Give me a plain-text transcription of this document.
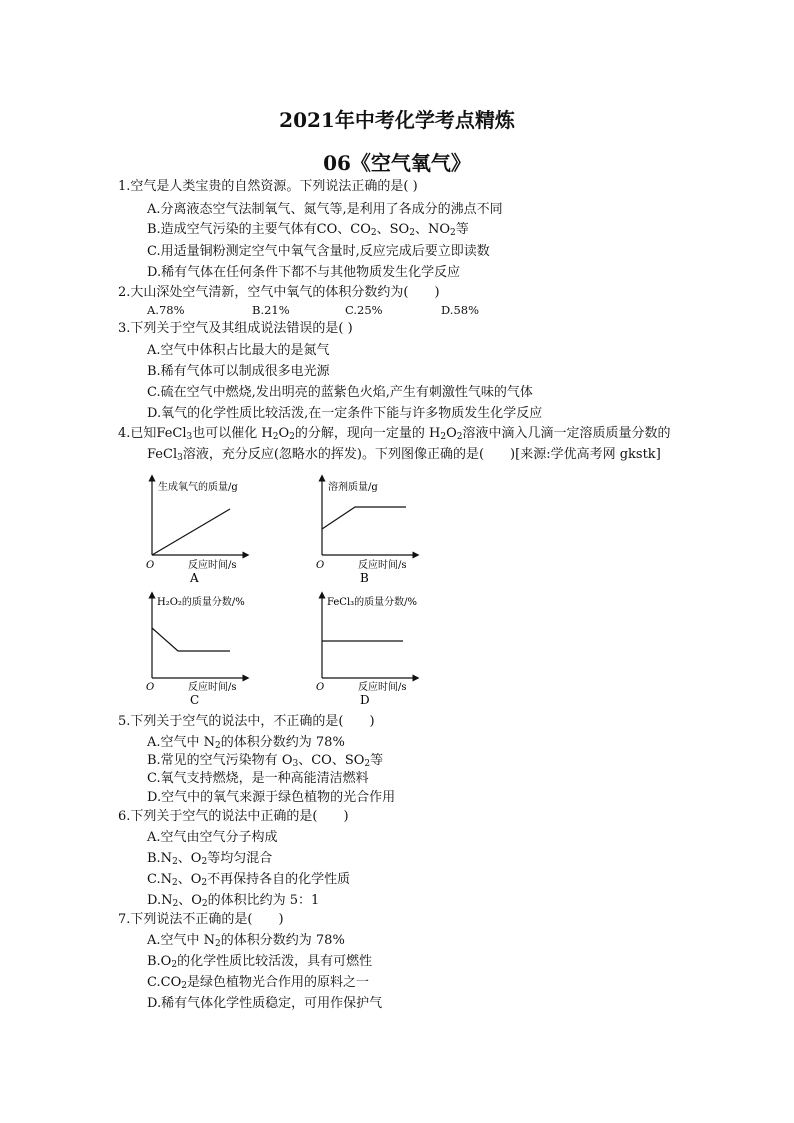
2021年中考化学考点精炼
06《空气氧气》
1.空气是人类宝贵的自然资源。下列说法正确的是( )
A.分离液态空气法制氧气、氮气等,是利用了各成分的沸点不同
B.造成空气污染的主要气体有CO、$CO_2$、$SO_2$、$NO_2$等
C.用适量铜粉测定空气中氧气含量时,反应完成后要立即读数
D.稀有气体在任何条件下都不与其他物质发生化学反应
2.大山深处空气清新，空气中氧气的体积分数约为(　　)
A.78%	B.21%	C.25%	D.58%
3.下列关于空气及其组成说法错误的是( )
A.空气中体积占比最大的是氮气
B.稀有气体可以制成很多电光源
C.硫在空气中燃烧,发出明亮的蓝紫色火焰,产生有刺激性气味的气体
D.氧气的化学性质比较活泼,在一定条件下能与许多物质发生化学反应
4.已知FeCl$_3$也可以催化 $H_2O_2$的分解，现向一定量的 $H_2O_2$溶液中滴入几滴一定溶质质量分数的
FeCl$_3$溶液，充分反应(忽略水的挥发)。下列图像正确的是(　　)[来源:学优高考网 gkstk]
生成氧气的质量/g
反应时间/s
O
A
溶剂质量/g
反应时间/s
O
B
H₂O₂的质量分数/%
反应时间/s
O
C
FeCl₃的质量分数/%
反应时间/s
O
D
5.下列关于空气的说法中，不正确的是(　　)
A.空气中 $N_2$的体积分数约为 78%
B.常见的空气污染物有 $O_3$、CO、$SO_2$等
C.氧气支持燃烧，是一种高能清洁燃料
D.空气中的氧气来源于绿色植物的光合作用
6.下列关于空气的说法中正确的是(　　)
A.空气由空气分子构成
$B.N_2$、$O_2$等均匀混合
$C.N_2$、$O_2$不再保持各自的化学性质
$D.N_2$、$O_2$的体积比约为 5：1
7.下列说法不正确的是(　　)
A.空气中 $N_2$的体积分数约为 78%
$B.O_2$的化学性质比较活泼，具有可燃性
$C.CO_2$是绿色植物光合作用的原料之一
D.稀有气体化学性质稳定，可用作保护气
